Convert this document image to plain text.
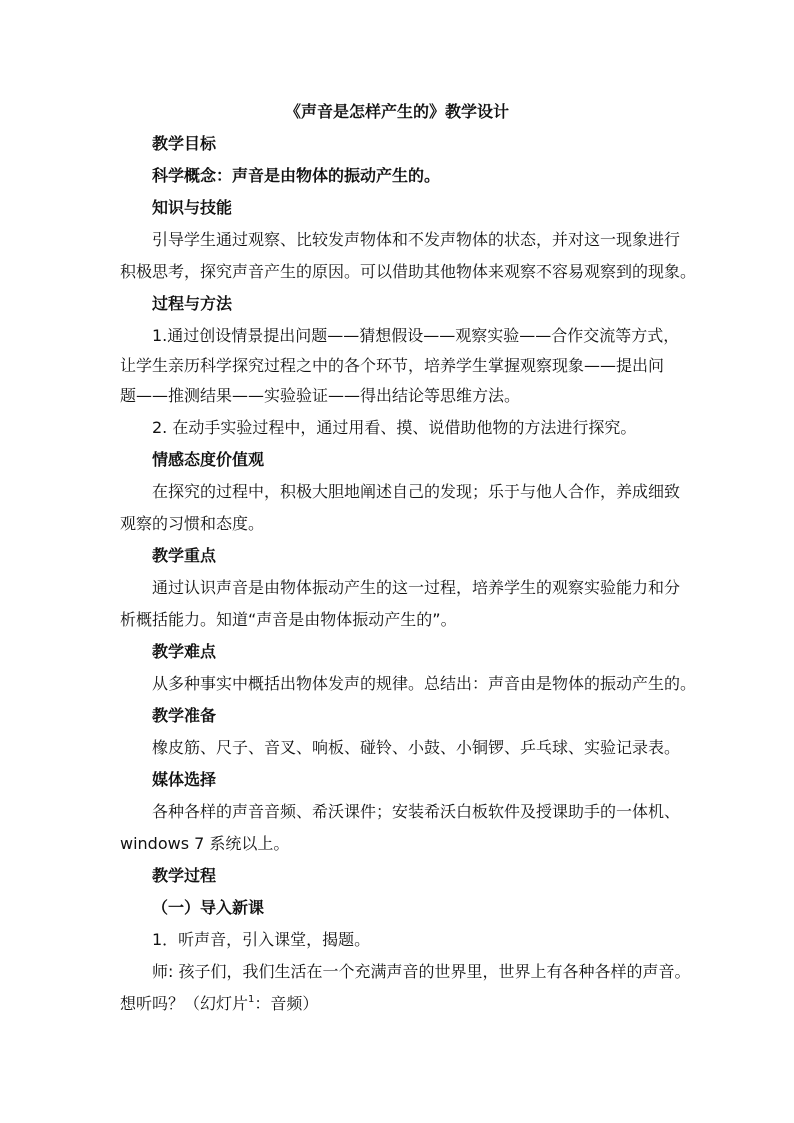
《声音是怎样产生的》教学设计
教学目标
科学概念：声音是由物体的振动产生的。
知识与技能
引导学生通过观察、比较发声物体和不发声物体的状态，并对这一现象进行
积极思考，探究声音产生的原因。可以借助其他物体来观察不容易观察到的现象。
过程与方法
1.通过创设情景提出问题——猜想假设——观察实验——合作交流等方式，
让学生亲历科学探究过程之中的各个环节，培养学生掌握观察现象——提出问
题——推测结果——实验验证——得出结论等思维方法。
2. 在动手实验过程中，通过用看、摸、说借助他物的方法进行探究。
情感态度价值观
在探究的过程中，积极大胆地阐述自己的发现；乐于与他人合作，养成细致
观察的习惯和态度。
教学重点
通过认识声音是由物体振动产生的这一过程，培养学生的观察实验能力和分
析概括能力。知道“声音是由物体振动产生的”。
教学难点
从多种事实中概括出物体发声的规律。总结出：声音由是物体的振动产生的。
教学准备
橡皮筋、尺子、音叉、响板、碰铃、小鼓、小铜锣、乒乓球、实验记录表。
媒体选择
各种各样的声音音频、希沃课件；安装希沃白板软件及授课助手的一体机、
windows 7 系统以上。
教学过程
（一）导入新课
1．听声音，引入课堂，揭题。
师: 孩子们，我们生活在一个充满声音的世界里，世界上有各种各样的声音。
想听吗？（幻灯片$^1$：音频）
